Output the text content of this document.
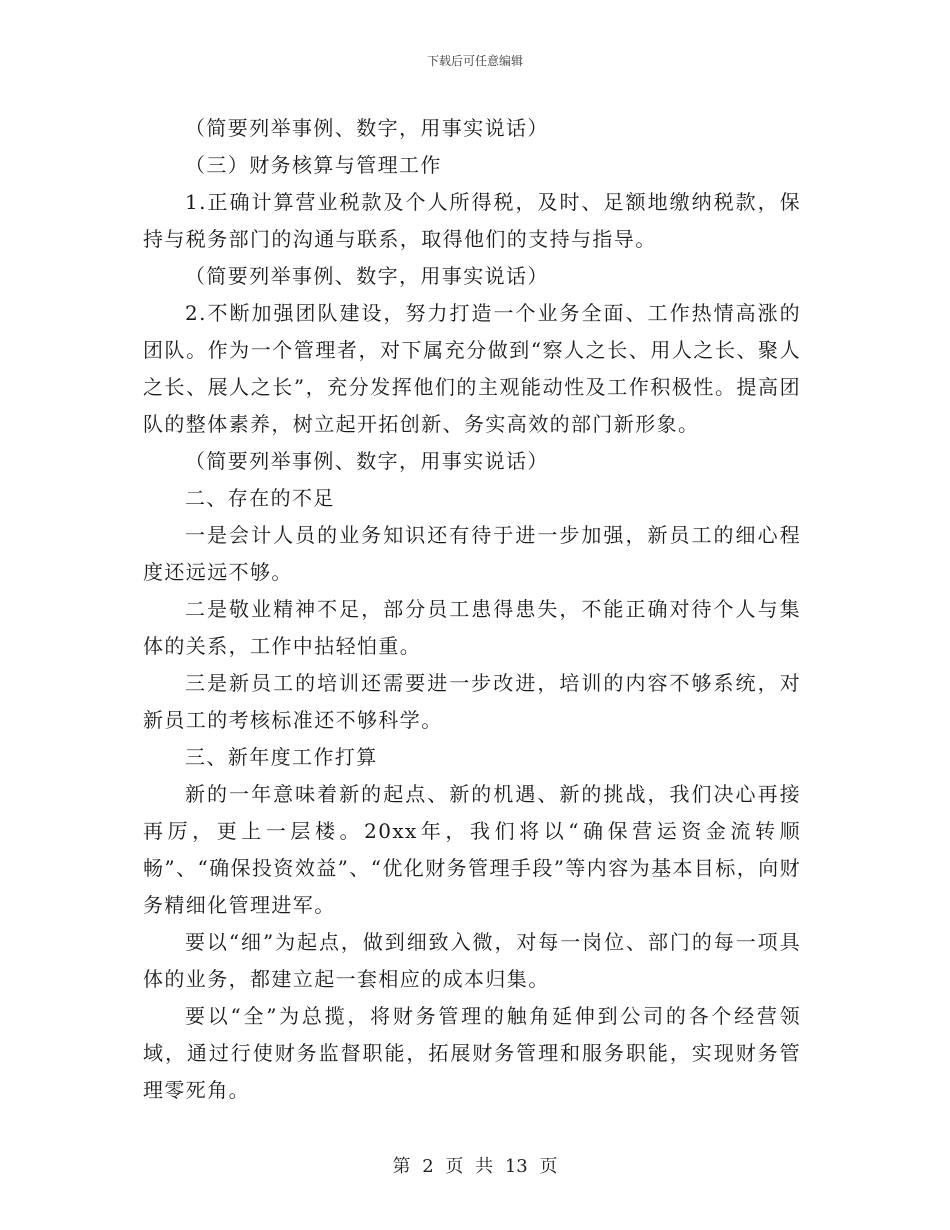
下载后可任意编辑

（简要列举事例、数字，用事实说话）

（三）财务核算与管理工作

1.正确计算营业税款及个人所得税，及时、足额地缴纳税款，保持与税务部门的沟通与联系，取得他们的支持与指导。

（简要列举事例、数字，用事实说话）

2.不断加强团队建设，努力打造一个业务全面、工作热情高涨的团队。作为一个管理者，对下属充分做到“察人之长、用人之长、聚人之长、展人之长”，充分发挥他们的主观能动性及工作积极性。提高团队的整体素养，树立起开拓创新、务实高效的部门新形象。

（简要列举事例、数字，用事实说话）

二、存在的不足

一是会计人员的业务知识还有待于进一步加强，新员工的细心程度还远远不够。

二是敬业精神不足，部分员工患得患失，不能正确对待个人与集体的关系，工作中拈轻怕重。

三是新员工的培训还需要进一步改进，培训的内容不够系统，对新员工的考核标准还不够科学。

三、新年度工作打算

新的一年意味着新的起点、新的机遇、新的挑战，我们决心再接再厉，更上一层楼。20xx年，我们将以“确保营运资金流转顺畅”、“确保投资效益”、“优化财务管理手段”等内容为基本目标，向财务精细化管理进军。

要以“细”为起点，做到细致入微，对每一岗位、部门的每一项具体的业务，都建立起一套相应的成本归集。

要以“全”为总揽，将财务管理的触角延伸到公司的各个经营领域，通过行使财务监督职能，拓展财务管理和服务职能，实现财务管理零死角。

第 2 页 共 13 页
